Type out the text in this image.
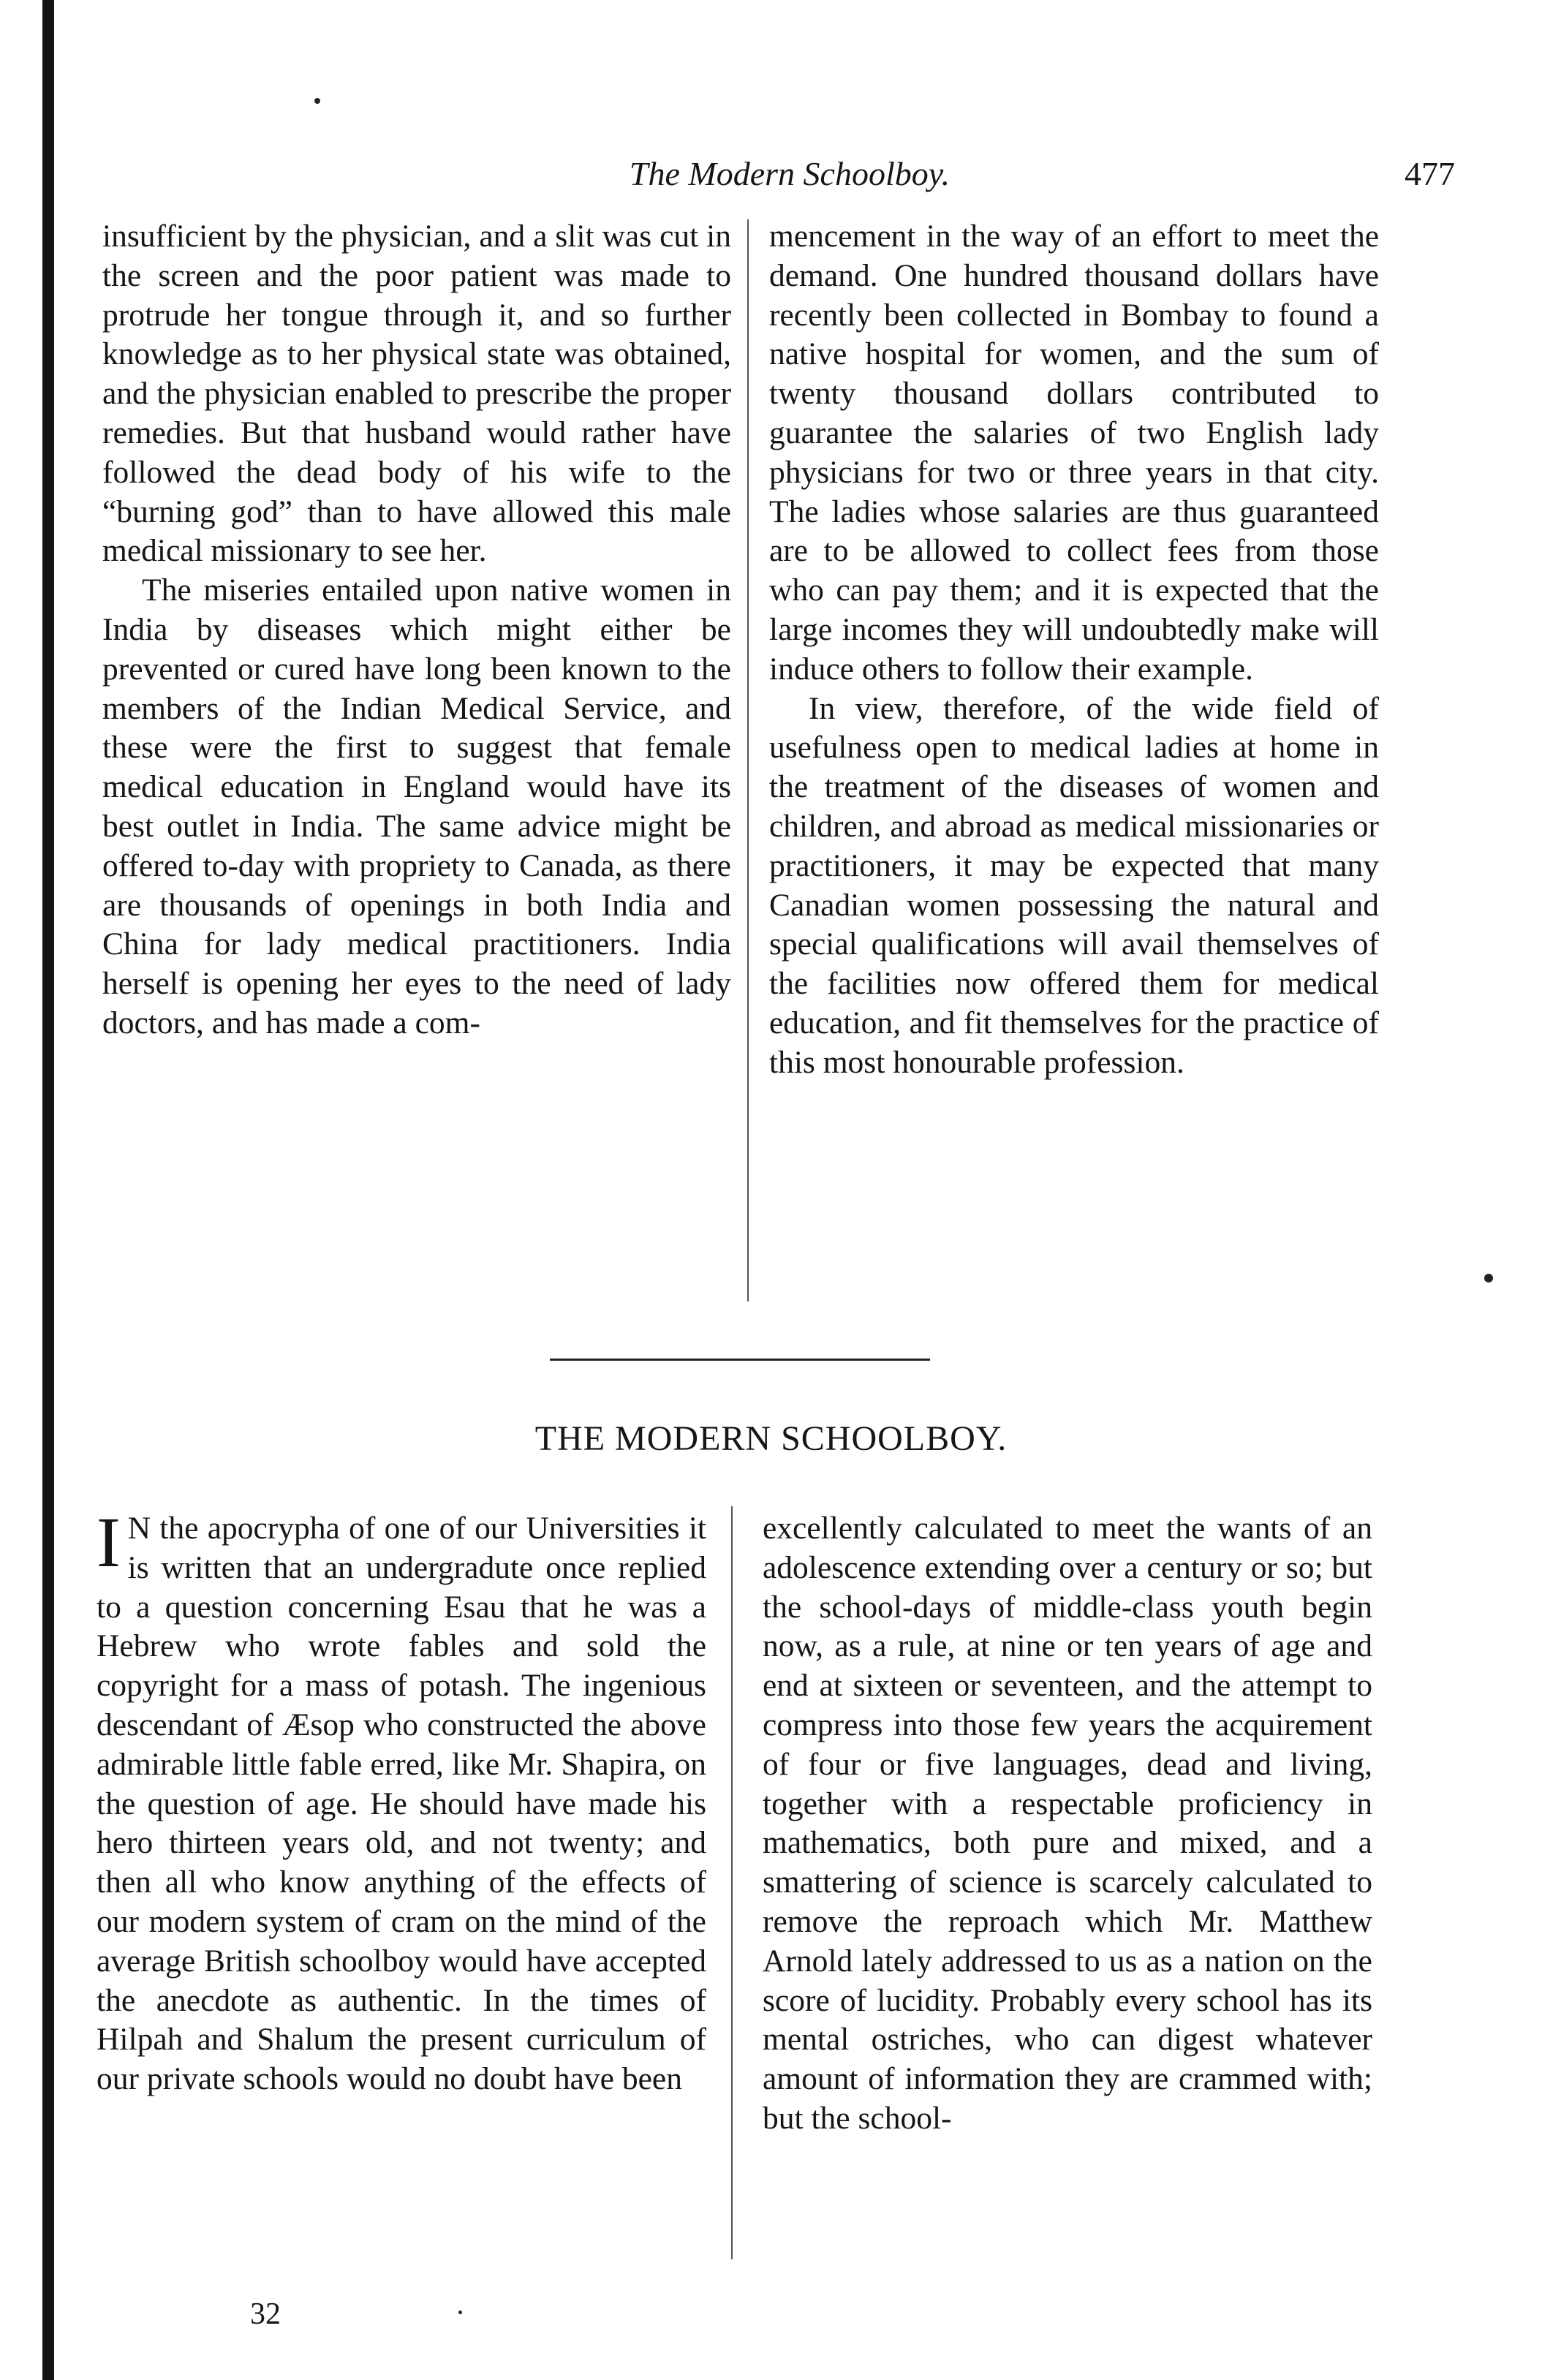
The Modern Schoolboy.	477

insufficient by the physician, and a slit was cut in the screen and the poor patient was made to protrude her tongue through it, and so further knowledge as to her physical state was obtained, and the physician enabled to prescribe the proper remedies. But that husband would rather have followed the dead body of his wife to the “burning god” than to have allowed this male medical missionary to see her.

The miseries entailed upon native women in India by diseases which might either be prevented or cured have long been known to the members of the Indian Medical Service, and these were the first to suggest that female medical education in England would have its best outlet in India. The same advice might be offered to-day with propriety to Canada, as there are thousands of openings in both India and China for lady medical practitioners. India herself is opening her eyes to the need of lady doctors, and has made a com-

mencement in the way of an effort to meet the demand. One hundred thousand dollars have recently been collected in Bombay to found a native hospital for women, and the sum of twenty thousand dollars contributed to guarantee the salaries of two English lady physicians for two or three years in that city. The ladies whose salaries are thus guaranteed are to be allowed to collect fees from those who can pay them; and it is expected that the large incomes they will undoubtedly make will induce others to follow their example.

In view, therefore, of the wide field of usefulness open to medical ladies at home in the treatment of the diseases of women and children, and abroad as medical missionaries or practitioners, it may be expected that many Canadian women possessing the natural and special qualifications will avail themselves of the facilities now offered them for medical education, and fit themselves for the practice of this most honourable profession.

THE MODERN SCHOOLBOY.

I N the apocrypha of one of our Universities it is written that an undergradute once replied to a question concerning Esau that he was a Hebrew who wrote fables and sold the copyright for a mass of potash. The ingenious descendant of Æsop who constructed the above admirable little fable erred, like Mr. Shapira, on the question of age. He should have made his hero thirteen years old, and not twenty; and then all who know anything of the effects of our modern system of cram on the mind of the average British schoolboy would have accepted the anecdote as authentic. In the times of Hilpah and Shalum the present curriculum of our private schools would no doubt have been

excellently calculated to meet the wants of an adolescence extending over a century or so; but the school-days of middle-class youth begin now, as a rule, at nine or ten years of age and end at sixteen or seventeen, and the attempt to compress into those few years the acquirement of four or five languages, dead and living, together with a respectable proficiency in mathematics, both pure and mixed, and a smattering of science is scarcely calculated to remove the reproach which Mr. Matthew Arnold lately addressed to us as a nation on the score of lucidity. Probably every school has its mental ostriches, who can digest whatever amount of information they are crammed with; but the school-

32
